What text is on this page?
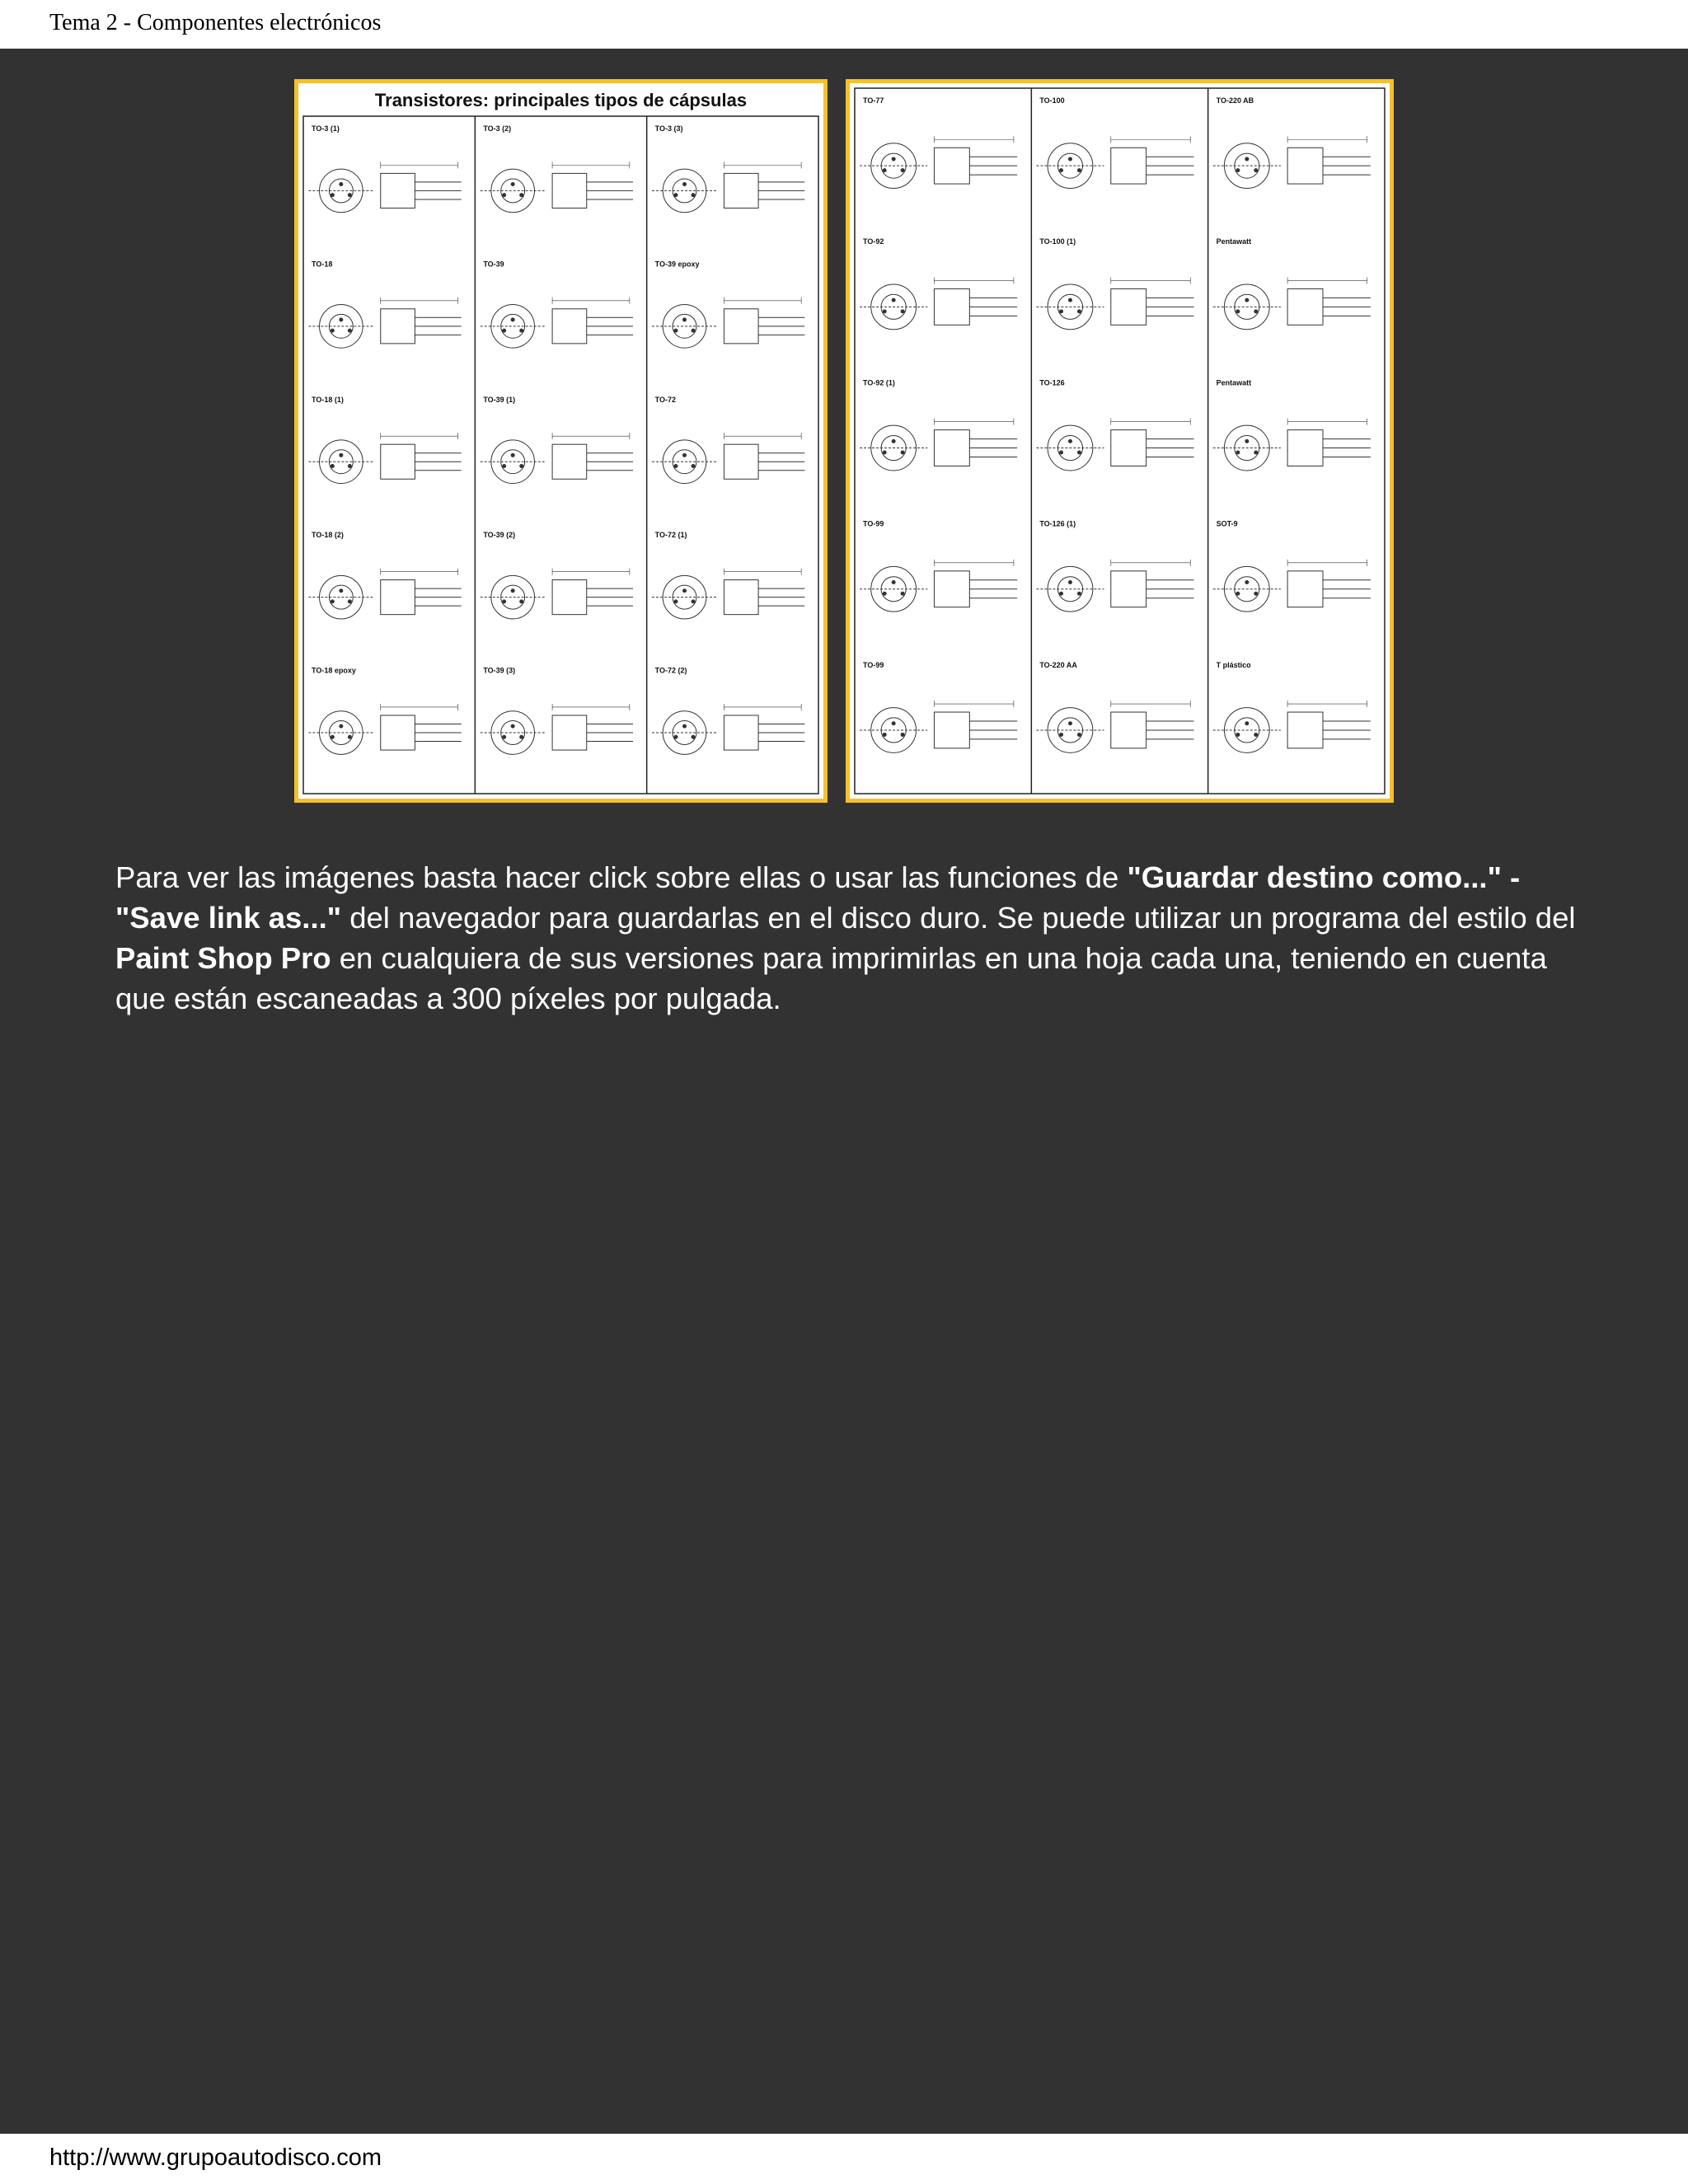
Tema 2 - Componentes electrónicos
Transistores: principales tipos de cápsulas
TO-3 (1)	TO-3 (2)	TO-3 (3)
TO-18	TO-39	TO-39 epoxy
TO-18 (1)	TO-39 (1)	TO-72
TO-18 (2)	TO-39 (2)	TO-72 (1)
TO-18 epoxy	TO-39 (3)	TO-72 (2)
TO-77	TO-100	TO-220 AB
TO-92	TO-100 (1)	Pentawatt
TO-92 (1)	TO-126	Pentawatt
TO-99	TO-126 (1)	SOT-9
TO-99	TO-220 AA	T plástico
Para ver las imágenes basta hacer click sobre ellas o usar las funciones de "Guardar destino como..." - "Save link as..." del navegador para guardarlas en el disco duro. Se puede utilizar un programa del estilo del Paint Shop Pro en cualquiera de sus versiones para imprimirlas en una hoja cada una, teniendo en cuenta que están escaneadas a 300 píxeles por pulgada.
http://www.grupoautodisco.com
